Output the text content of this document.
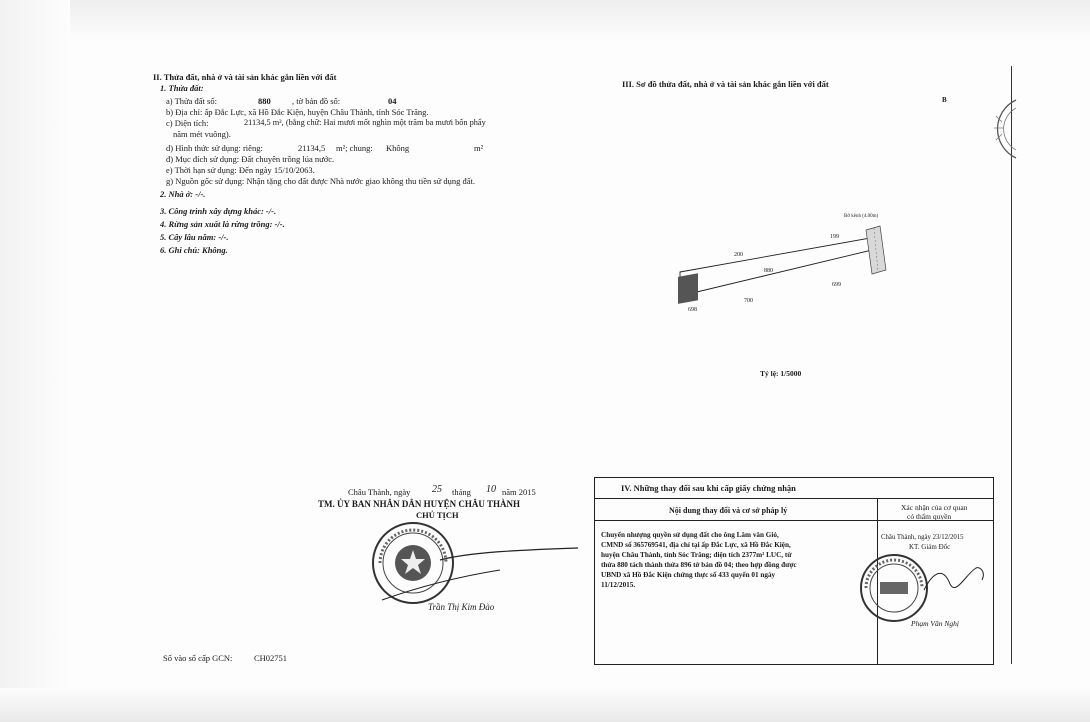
II. Thửa đất, nhà ở và tài sản khác gắn liền với đất
1. Thửa đất:
a) Thửa đất số:	880	, tờ bản đồ số:	04
b) Địa chỉ: ấp Đắc Lực, xã Hồ Đắc Kiện, huyện Châu Thành, tỉnh Sóc Trăng.
c) Diện tích:	21134,5 m², (bằng chữ: Hai mươi mốt nghìn một trăm ba mươi bốn phẩy
năm mét vuông).
d) Hình thức sử dụng: riêng:	21134,5 m²; chung: Không	m²
đ) Mục đích sử dụng: Đất chuyên trồng lúa nước.
e) Thời hạn sử dụng: Đến ngày 15/10/2063.
g) Nguồn gốc sử dụng: Nhận tặng cho đất được Nhà nước giao không thu tiền sử dụng đất.
2. Nhà ở: -/-.
3. Công trình xây dựng khác: -/-.
4. Rừng sản xuất là rừng trồng: -/-.
5. Cây lâu năm: -/-.
6. Ghi chú: Không.
III. Sơ đồ thửa đất, nhà ở và tài sản khác gắn liền với đất
B
Bờ kênh (4.00m)
200
199
880
699
700
698
Tỷ lệ: 1/5000
Châu Thành, ngày 25 tháng 10 năm 2015
TM. ỦY BAN NHÂN DÂN HUYỆN CHÂU THÀNH
CHỦ TỊCH
Trần Thị Kim Đào
Số vào sổ cấp GCN:	CH02751
IV. Những thay đổi sau khi cấp giấy chứng nhận
Nội dung thay đổi và cơ sở pháp lý	Xác nhận của cơ quan
có thẩm quyền
Chuyển nhượng quyền sử dụng đất cho ông Lâm văn Giỏ,
CMND số 365769541, địa chỉ tại ấp Đắc Lực, xã Hồ Đắc Kiện,
huyện Châu Thành, tỉnh Sóc Trăng; diện tích 2377m² LUC, từ
thửa 880 tách thành thửa 896 tờ bản đồ 04; theo hợp đồng được
UBND xã Hồ Đắc Kiện chứng thực số 433 quyển 01 ngày
11/12/2015.
Châu Thành, ngày 23/12/2015
KT. Giám Đốc
Phạm Văn Nghị
